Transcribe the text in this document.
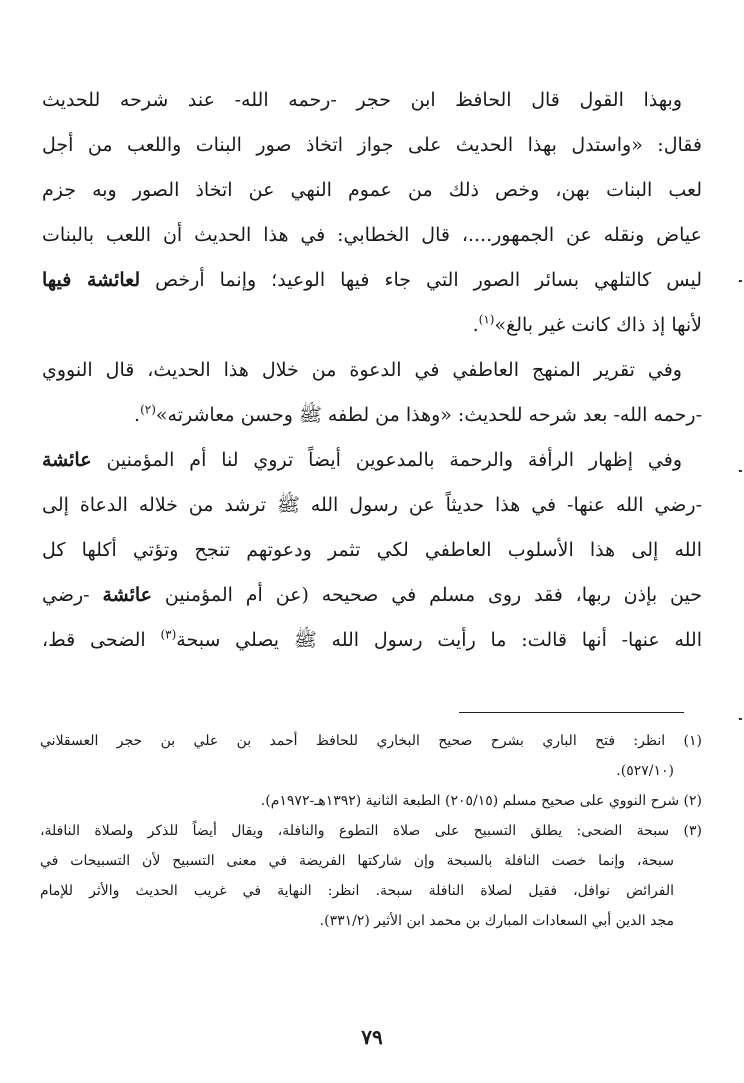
وبهذا القول قال الحافظ ابن حجر -رحمه الله- عند شرحه للحديث
فقال: «واستدل بهذا الحديث على جواز اتخاذ صور البنات واللعب من أجل
لعب البنات بهن، وخص ذلك من عموم النهي عن اتخاذ الصور وبه جزم
عياض ونقله عن الجمهور....، قال الخطابي: في هذا الحديث أن اللعب بالبنات
ليس كالتلهي بسائر الصور التي جاء فيها الوعيد؛ وإنما أرخص لعائشة فيها
لأنها إذ ذاك كانت غير بالغ»$^{(١)}$.
وفي تقرير المنهج العاطفي في الدعوة من خلال هذا الحديث، قال النووي
-رحمه الله- بعد شرحه للحديث: «وهذا من لطفه ﷺ وحسن معاشرته»$^{(٢)}$.
وفي إظهار الرأفة والرحمة بالمدعوين أيضاً تروي لنا أم المؤمنين عائشة
-رضي الله عنها- في هذا حديثاً عن رسول الله ﷺ ترشد من خلاله الدعاة إلى
الله إلى هذا الأسلوب العاطفي لكي تثمر ودعوتهم تنجح وتؤتي أكلها كل
حين بإذن ربها، فقد روى مسلم في صحيحه (عن أم المؤمنين عائشة -رضي
الله عنها- أنها قالت: ما رأيت رسول الله ﷺ يصلي سبحة$^{(٣)}$ الضحى قط،
(١) انظر: فتح الباري بشرح صحيح البخاري للحافظ أحمد بن علي بن حجر العسقلاني
(٥٢٧/١٠).
(٢) شرح النووي على صحيح مسلم (٢٠٥/١٥) الطبعة الثانية (١٣٩٢هـ-١٩٧٢م).
(٣) سبحة الضحى: يطلق التسبيح على صلاة التطوع والنافلة، ويقال أيضاً للذكر ولصلاة النافلة،
سبحة، وإنما خصت النافلة بالسبحة وإن شاركتها الفريضة في معنى التسبيح لأن التسبيحات في
الفرائض نوافل، فقيل لصلاة النافلة سبحة. انظر: النهاية في غريب الحديث والأثر للإمام
مجد الدين أبي السعادات المبارك بن محمد ابن الأثير (٣٣١/٢).
٧٩
